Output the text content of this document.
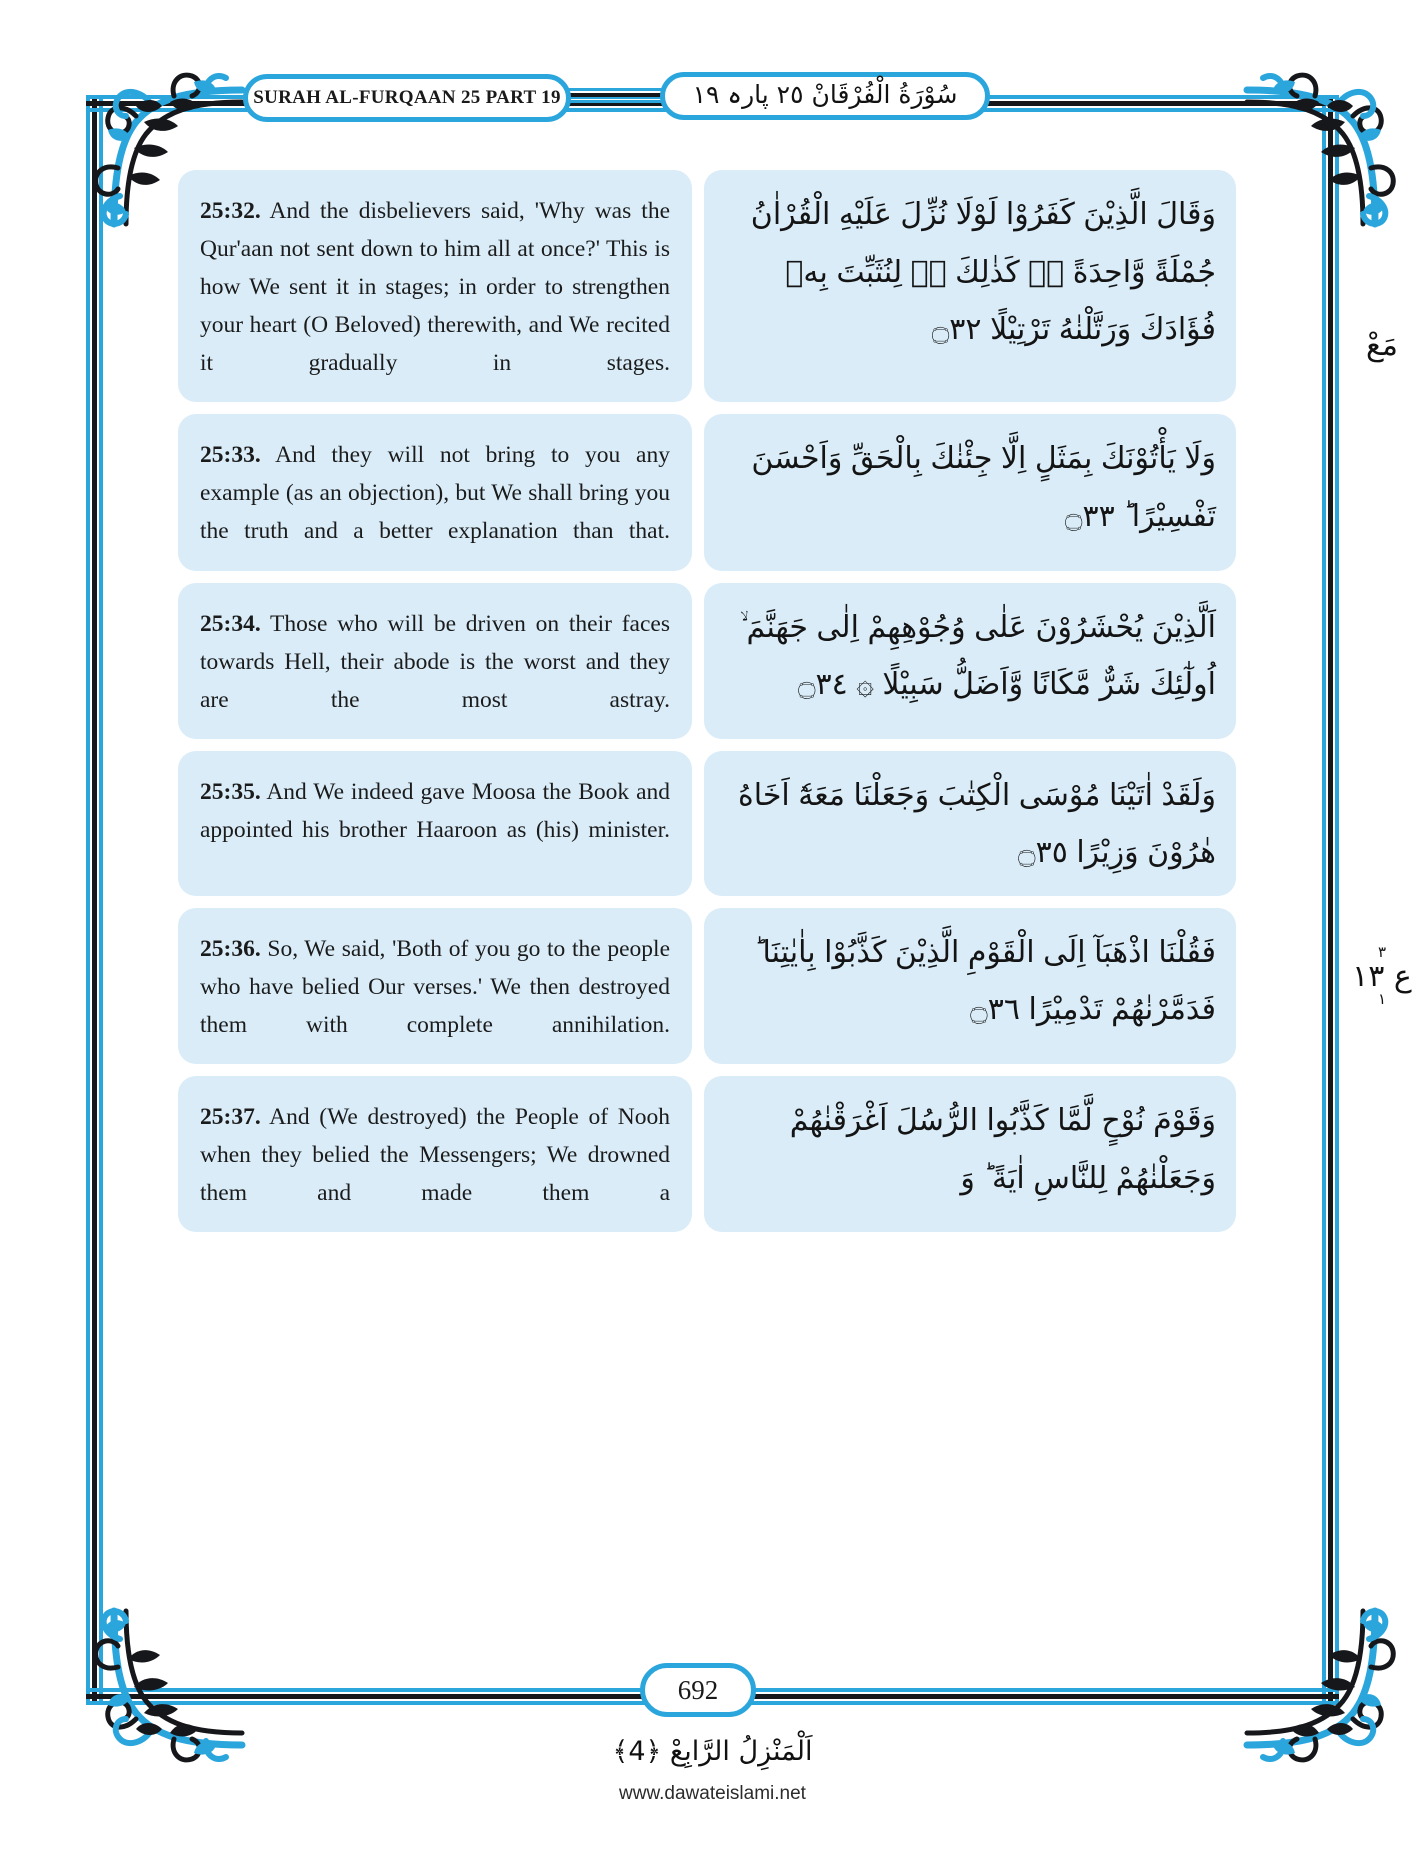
SURAH AL-FURQAAN 25 PART 19	سُوْرَةُ الْفُرْقَانْ ٢٥ پارہ ١٩
25:32. And the disbelievers said, 'Why was the Qur'aan not sent down to him all at once?' This is how We sent it in stages; in order to strengthen your heart (O Beloved) therewith, and We recited it gradually in stages.
وَقَالَ الَّذِيْنَ كَفَرُوْا لَوْلَا نُزِّلَ عَلَيْهِ الْقُرْاٰنُ جُمْلَةً وَّاحِدَةً ۛۚ كَذٰلِكَ ۛۚ لِنُثَبِّتَ بِهٖ فُؤَادَكَ وَرَتَّلْنٰهُ تَرْتِيْلًا ۝٣٢
25:33. And they will not bring to you any example (as an objection), but We shall bring you the truth and a better explanation than that.
وَلَا يَأْتُوْنَكَ بِمَثَلٍ اِلَّا جِئْنٰكَ بِالْحَقِّ وَاَحْسَنَ تَفْسِيْرًا ؕ ۝٣٣
25:34. Those who will be driven on their faces towards Hell, their abode is the worst and they are the most astray.
اَلَّذِيْنَ يُحْشَرُوْنَ عَلٰى وُجُوْهِهِمْ اِلٰى جَهَنَّمَ ۙ اُولٰٓئِكَ شَرٌّ مَّكَانًا وَّاَضَلُّ سَبِيْلًا ۞ ۝٣٤
25:35. And We indeed gave Moosa the Book and appointed his brother Haaroon as (his) minister.
وَلَقَدْ اٰتَيْنَا مُوْسَى الْكِتٰبَ وَجَعَلْنَا مَعَهٗٓ اَخَاهُ هٰرُوْنَ وَزِيْرًا ۝٣٥
25:36. So, We said, 'Both of you go to the people who have belied Our verses.' We then destroyed them with complete annihilation.
فَقُلْنَا اذْهَبَآ اِلَى الْقَوْمِ الَّذِيْنَ كَذَّبُوْا بِاٰيٰتِنَا ؕ فَدَمَّرْنٰهُمْ تَدْمِيْرًا ۝٣٦
25:37. And (We destroyed) the People of Nooh when they belied the Messengers; We drowned them and made them a
وَقَوْمَ نُوْحٍ لَّمَّا كَذَّبُوا الرُّسُلَ اَغْرَقْنٰهُمْ وَجَعَلْنٰهُمْ لِلنَّاسِ اٰيَةً ؕ وَ
مَعْ
٣
ع ١٣
١
692
اَلْمَنْزِلُ الرَّابِعْ ﴿4﴾
www.dawateislami.net
